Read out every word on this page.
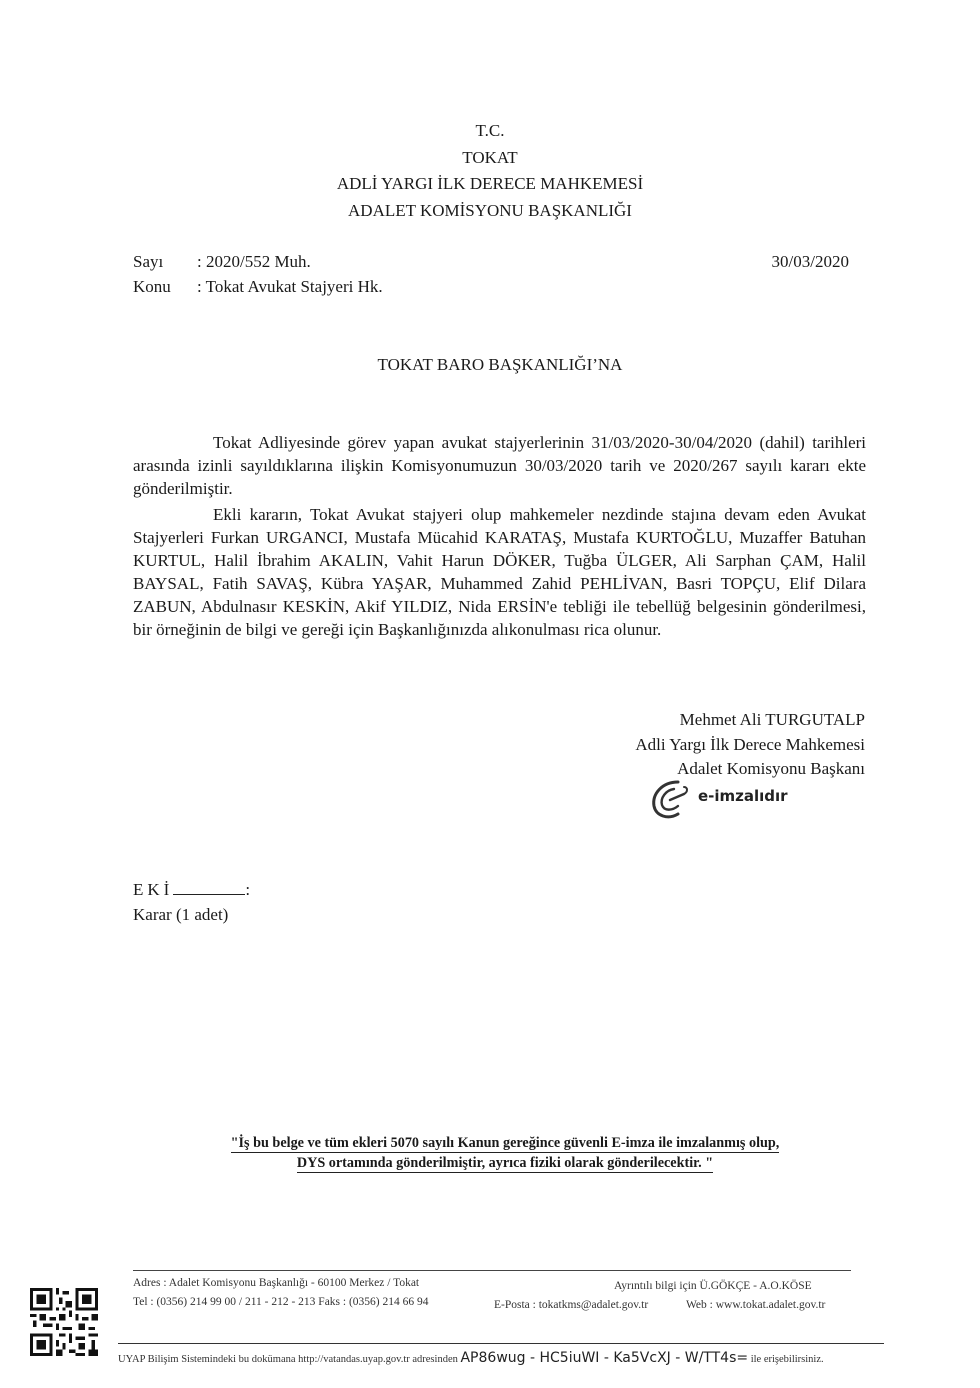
T.C.
TOKAT
ADLİ YARGI İLK DERECE MAHKEMESİ
ADALET KOMİSYONU BAŞKANLIĞI
Sayı : 2020/552 Muh.
Konu : Tokat Avukat Stajyeri Hk.
30/03/2020
TOKAT BARO BAŞKANLIĞI’NA

Tokat Adliyesinde görev yapan avukat stajyerlerinin 31/03/2020-30/04/2020 (dahil) tarihleri arasında izinli sayıldıklarına ilişkin Komisyonumuzun 30/03/2020 tarih ve 2020/267 sayılı kararı ekte gönderilmiştir.

Ekli kararın, Tokat Avukat stajyeri olup mahkemeler nezdinde stajına devam eden Avukat Stajyerleri Furkan URGANCI, Mustafa Mücahid KARATAŞ, Mustafa KURTOĞLU, Muzaffer Batuhan KURTUL, Halil İbrahim AKALIN, Vahit Harun DÖKER, Tuğba ÜLGER, Ali Sarphan ÇAM, Halil BAYSAL, Fatih SAVAŞ, Kübra YAŞAR, Muhammed Zahid PEHLİVAN, Basri TOPÇU, Elif Dilara ZABUN, Abdulnasır KESKİN, Akif YILDIZ, Nida ERSİN'e tebliği ile tebellüğ belgesinin gönderilmesi, bir örneğinin de bilgi ve gereği için Başkanlığınızda alıkonulması rica olunur.

Mehmet Ali TURGUTALP
Adli Yargı İlk Derece Mahkemesi
Adalet Komisyonu Başkanı
e-imzalıdır
EKİ	:
Karar (1 adet)
"İş bu belge ve tüm ekleri 5070 sayılı Kanun gereğince güvenli E-imza ile imzalanmış olup,
DYS ortamında gönderilmiştir, ayrıca fiziki olarak gönderilecektir. "
Adres : Adalet Komisyonu Başkanlığı - 60100 Merkez / Tokat
Tel : (0356) 214 99 00 / 211 - 212 - 213 Faks : (0356) 214 66 94
Ayrıntılı bilgi için Ü.GÖKÇE - A.O.KÖSE
E-Posta : tokatkms@adalet.gov.tr	Web : www.tokat.adalet.gov.tr
UYAP Bilişim Sistemindeki bu dokümana http://vatandas.uyap.gov.tr adresinden AP86wug - HC5iuWI - Ka5VcXJ - W/TT4s= ile erişebilirsiniz.
